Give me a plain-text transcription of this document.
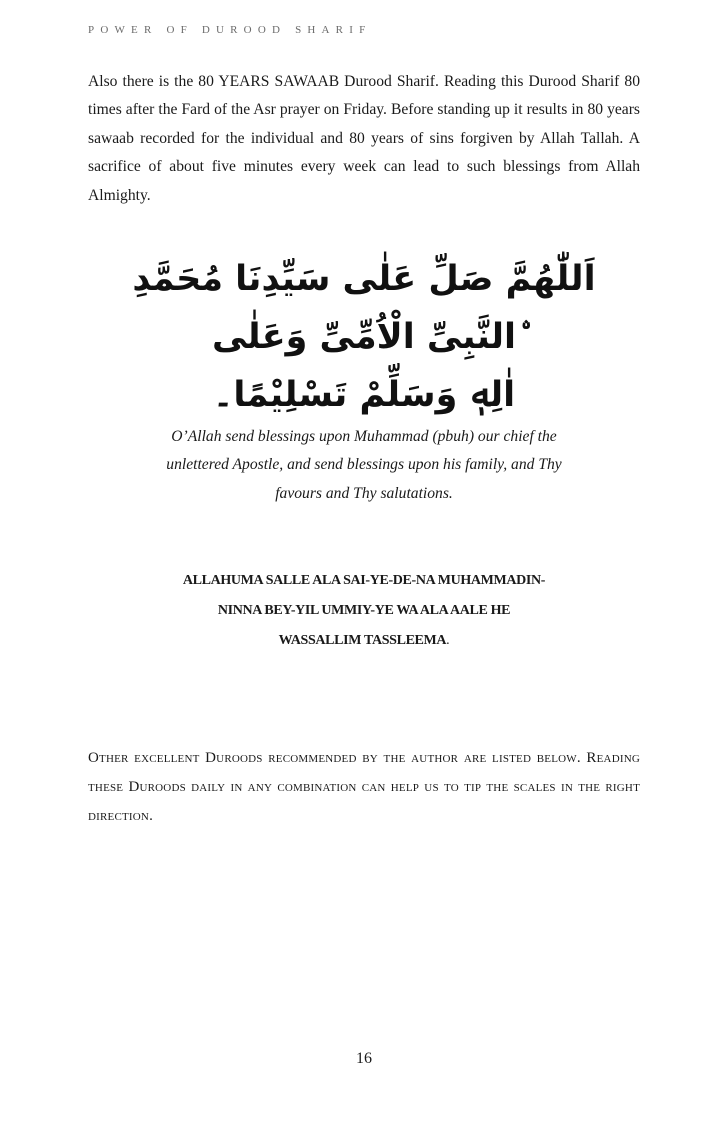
POWER OF DUROOD SHARIF

Also there is the 80 YEARS SAWAAB Durood Sharif. Reading this Durood Sharif 80 times after the Fard of the Asr prayer on Friday. Before standing up it results in 80 years sawaab recorded for the individual and 80 years of sins forgiven by Allah Tallah. A sacrifice of about five minutes every week can lead to such blessings from Allah Almighty.

اَللّٰهُمَّ صَلِّ عَلٰى سَيِّدِنَا مُحَمَّدِ ۨالنَّبِىِّ الْاُمِّىِّ وَعَلٰى
اٰلِهٖ وَسَلِّمْ تَسْلِيْمًا۔
O’Allah send blessings upon Muhammad (pbuh) our chief the
unlettered Apostle, and send blessings upon his family, and Thy
favours and Thy salutations.
ALLAHUMA SALLE ALA SAI-YE-DE-NA MUHAMMADIN-
NINNA BEY-YIL UMMIY-YE WA ALA AALE HE
WASSALLIM TASSLEEMA.

Other excellent Duroods recommended by the author are listed below. Reading these Duroods daily in any combination can help us to tip the scales in the right direction.

16
